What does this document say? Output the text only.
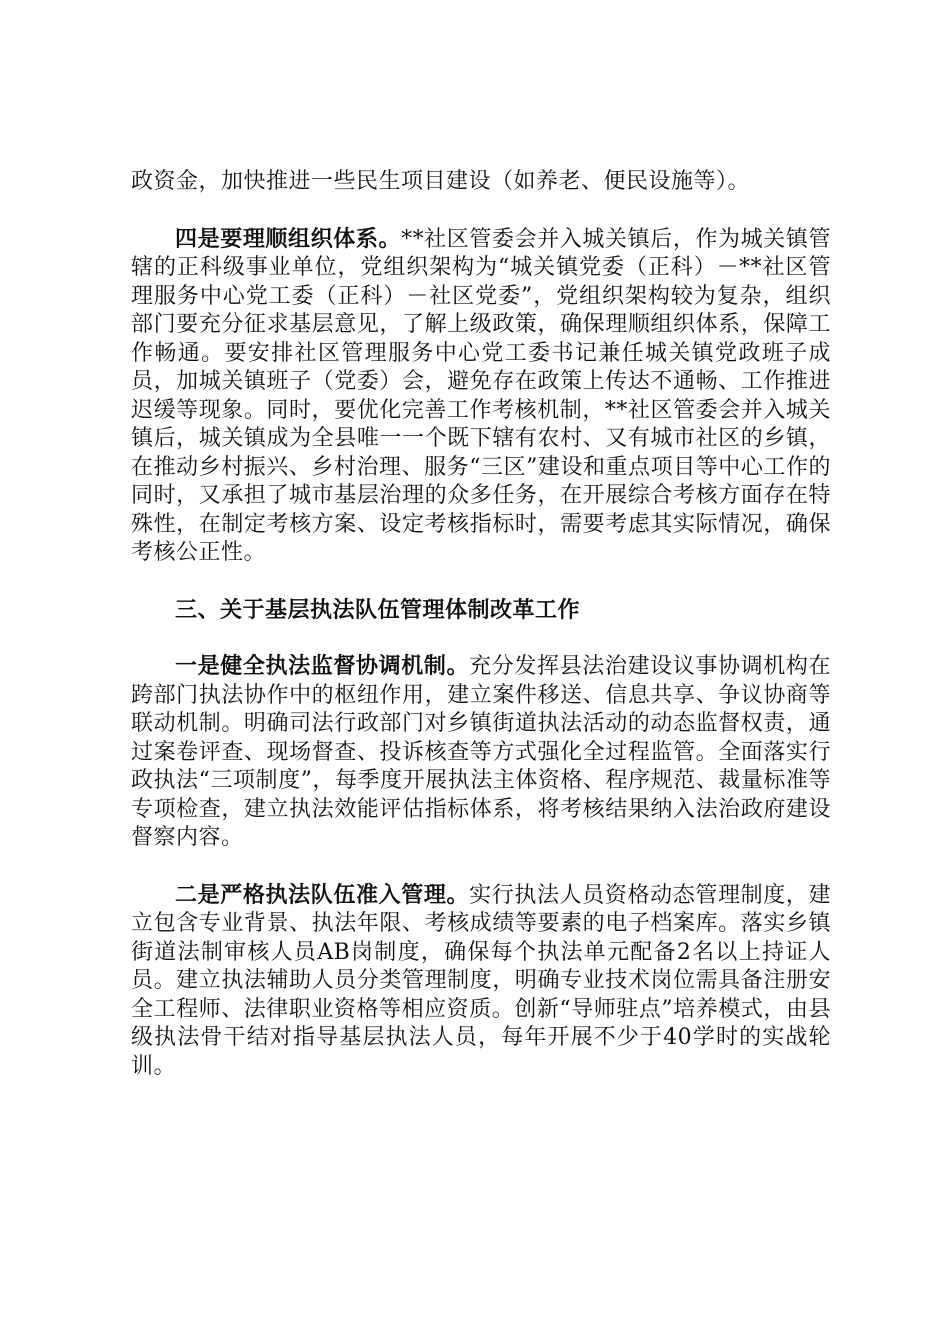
政资金，加快推进一些民生项目建设（如养老、便民设施等）。

四是要理顺组织体系。**社区管委会并入城关镇后，作为城关镇管辖的正科级事业单位，党组织架构为“城关镇党委（正科）－**社区管理服务中心党工委（正科）－社区党委”，党组织架构较为复杂，组织部门要充分征求基层意见，了解上级政策，确保理顺组织体系，保障工作畅通。要安排社区管理服务中心党工委书记兼任城关镇党政班子成员，加城关镇班子（党委）会，避免存在政策上传达不通畅、工作推进迟缓等现象。同时，要优化完善工作考核机制，**社区管委会并入城关镇后，城关镇成为全县唯一一个既下辖有农村、又有城市社区的乡镇，在推动乡村振兴、乡村治理、服务“三区”建设和重点项目等中心工作的同时，又承担了城市基层治理的众多任务，在开展综合考核方面存在特殊性，在制定考核方案、设定考核指标时，需要考虑其实际情况，确保考核公正性。

三、关于基层执法队伍管理体制改革工作

一是健全执法监督协调机制。充分发挥县法治建设议事协调机构在跨部门执法协作中的枢纽作用，建立案件移送、信息共享、争议协商等联动机制。明确司法行政部门对乡镇街道执法活动的动态监督权责，通过案卷评查、现场督查、投诉核查等方式强化全过程监管。全面落实行政执法“三项制度”，每季度开展执法主体资格、程序规范、裁量标准等专项检查，建立执法效能评估指标体系，将考核结果纳入法治政府建设督察内容。

二是严格执法队伍准入管理。实行执法人员资格动态管理制度，建立包含专业背景、执法年限、考核成绩等要素的电子档案库。落实乡镇街道法制审核人员AB岗制度，确保每个执法单元配备2名以上持证人员。建立执法辅助人员分类管理制度，明确专业技术岗位需具备注册安全工程师、法律职业资格等相应资质。创新“导师驻点”培养模式，由县级执法骨干结对指导基层执法人员，每年开展不少于40学时的实战轮训。
